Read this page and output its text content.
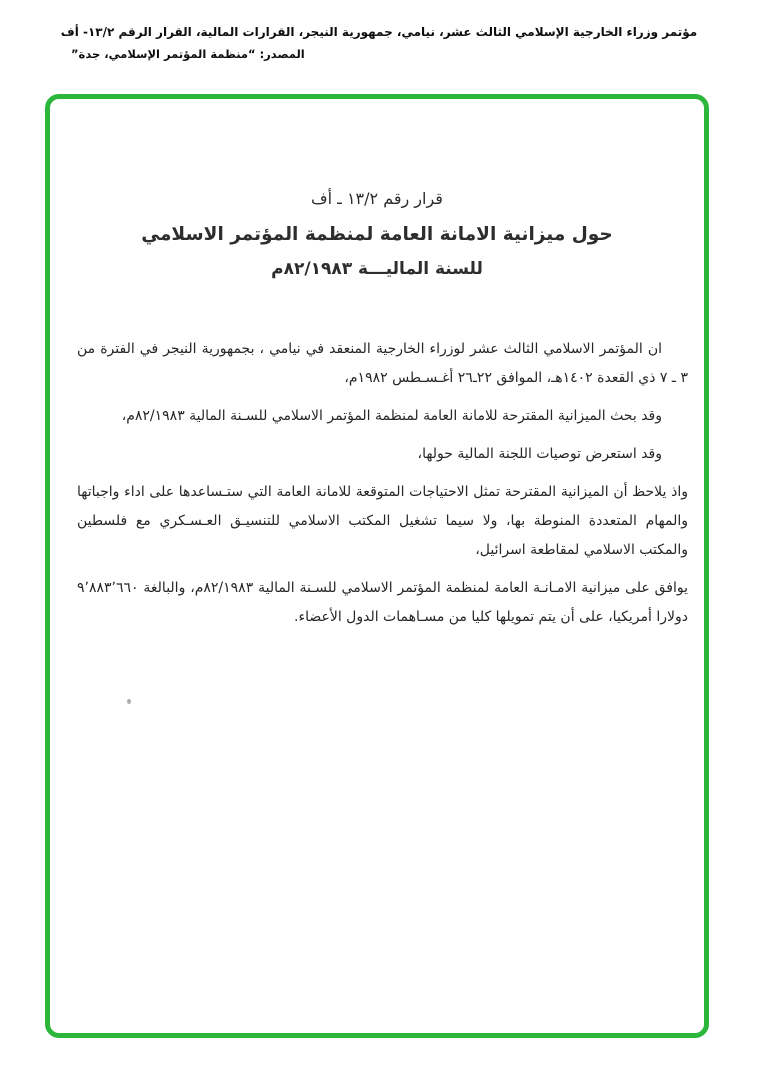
مؤتمر وزراء الخارجية الإسلامي الثالث عشر، نيامي، جمهورية النيجر، القرارات المالية، القرار الرقم ١٣/٢- أف
المصدر: “منظمة المؤتمر الإسلامي، جدة”
قرار رقم ١٣/٢ ـ أف
حول ميزانية الامانة العامة لمنظمة المؤتمر الاسلامي
للسنة الماليـــة ٨٢/١٩٨٣م

ان المؤتمر الاسلامي الثالث عشر لوزراء الخارجية المنعقد في نيامي ، بجمهورية النيجر في الفترة من ٣ ـ ٧ ذي القعدة ١٤٠٢هـ، الموافق ٢٢ـ٢٦ أغـسـطس ١٩٨٢م،

وقد بحث الميزانية المقترحة للامانة العامة لمنظمة المؤتمر الاسلامي للسـنة المالية ٨٢/١٩٨٣م،

وقد استعرض توصيات اللجنة المالية حولها،

واذ يلاحظ أن الميزانية المقترحة تمثل الاحتياجات المتوقعة للامانة العامة التي ستـساعدها على اداء واجباتها والمهام المتعددة المنوطة بها، ولا سيما تشغيل المكتب الاسلامي للتنسيـق العـسـكري مع فلسطين والمكتب الاسلامي لمقاطعة اسرائيل،

يوافق على ميزانية الامـانـة العامة لمنظمة المؤتمر الاسلامي للسـنة المالية ٨٢/١٩٨٣م، والبالغة ٩٬٨٨٣٬٦٦٠ دولارا أمريكيا، على أن يتم تمويلها كليا من مسـاهمات الدول الأعضاء.
